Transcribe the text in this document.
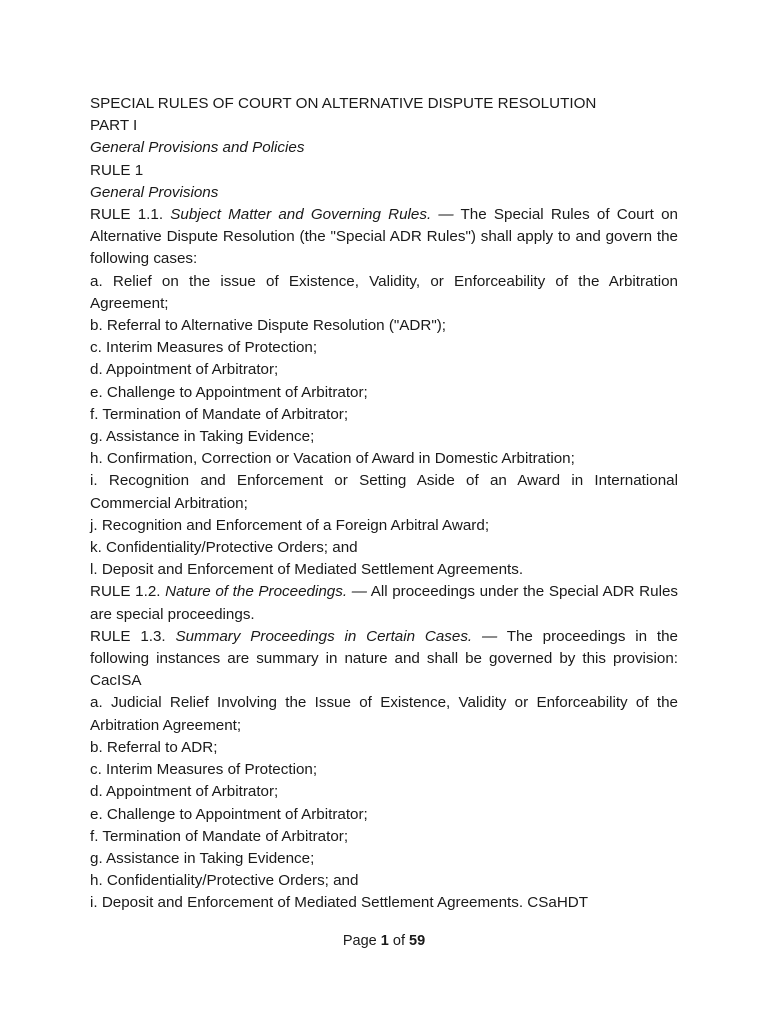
SPECIAL RULES OF COURT ON ALTERNATIVE DISPUTE RESOLUTION
PART I
General Provisions and Policies
RULE 1
General Provisions
RULE 1.1. Subject Matter and Governing Rules. — The Special Rules of Court on Alternative Dispute Resolution (the "Special ADR Rules") shall apply to and govern the following cases:
a. Relief on the issue of Existence, Validity, or Enforceability of the Arbitration Agreement;
b. Referral to Alternative Dispute Resolution ("ADR");
c. Interim Measures of Protection;
d. Appointment of Arbitrator;
e. Challenge to Appointment of Arbitrator;
f. Termination of Mandate of Arbitrator;
g. Assistance in Taking Evidence;
h. Confirmation, Correction or Vacation of Award in Domestic Arbitration;
i. Recognition and Enforcement or Setting Aside of an Award in International Commercial Arbitration;
j. Recognition and Enforcement of a Foreign Arbitral Award;
k. Confidentiality/Protective Orders; and
l. Deposit and Enforcement of Mediated Settlement Agreements.
RULE 1.2. Nature of the Proceedings. — All proceedings under the Special ADR Rules are special proceedings.
RULE 1.3. Summary Proceedings in Certain Cases. — The proceedings in the following instances are summary in nature and shall be governed by this provision: CacISA
a. Judicial Relief Involving the Issue of Existence, Validity or Enforceability of the Arbitration Agreement;
b. Referral to ADR;
c. Interim Measures of Protection;
d. Appointment of Arbitrator;
e. Challenge to Appointment of Arbitrator;
f. Termination of Mandate of Arbitrator;
g. Assistance in Taking Evidence;
h. Confidentiality/Protective Orders; and
i. Deposit and Enforcement of Mediated Settlement Agreements. CSaHDT
Page 1 of 59
